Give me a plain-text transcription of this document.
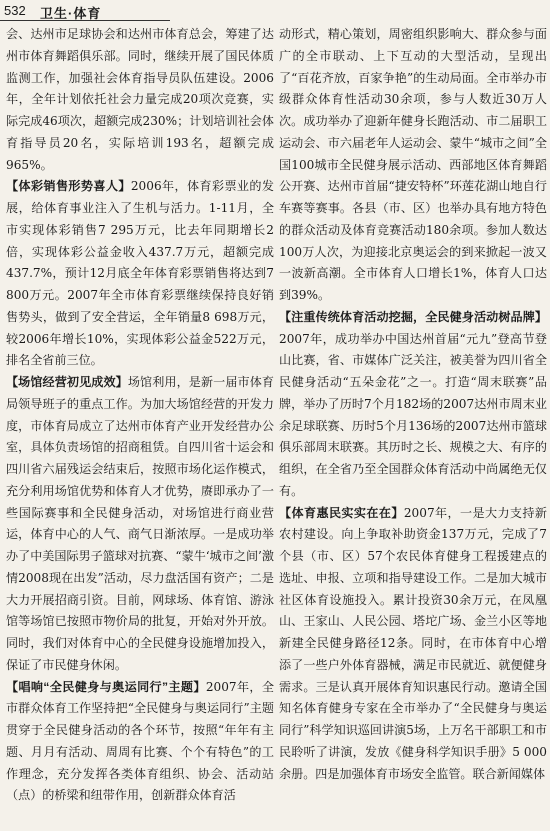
532 卫生·体育

会、达州市足球协会和达州市体育总会，筹建了达州市体育舞蹈俱乐部。同时，继续开展了国民体质监测工作，加强社会体育指导员队伍建设。2006年，全年计划依托社会力量完成20项次竞赛，实际完成46项次，超额完成230%；计划培训社会体育指导员20名，实际培训193名，超额完成965%。

【体彩销售形势喜人】2006年，体育彩票业的发展，给体育事业注入了生机与活力。1-11月，全市实现体彩销售7 295万元，比去年同期增长2倍，实现体彩公益金收入437.7万元，超额完成437.7%，预计12月底全年体育彩票销售将达到7 800万元。2007年全市体育彩票继续保持良好销售势头，做到了安全营运，全年销量8 698万元，较2006年增长10%，实现体彩公益金522万元，排名全省前三位。

【场馆经营初见成效】场馆利用，是新一届市体育局领导班子的重点工作。为加大场馆经营的开发力度，市体育局成立了达州市体育产业开发经营办公室，具体负责场馆的招商租赁。自四川省十运会和四川省六届残运会结束后，按照市场化运作模式，充分利用场馆优势和体育人才优势，赓即承办了一些国际赛事和全民健身活动，对场馆进行商业营运，体育中心的人气、商气日渐浓厚。一是成功举办了中美国际男子篮球对抗赛、“蒙牛‘城市之间’激情2008现在出发”活动，尽力盘活国有资产；二是大力开展招商引资。目前，网球场、体育馆、游泳馆等场馆已按照市物价局的批复，开始对外开放。同时，我们对体育中心的全民健身设施增加投入，保证了市民健身休闲。

【唱响“全民健身与奥运同行”主题】2007年，全市群众体育工作坚持把“全民健身与奥运同行”主题贯穿于全民健身活动的各个环节，按照“年年有主题、月月有活动、周周有比赛、个个有特色”的工作理念，充分发挥各类体育组织、协会、活动站（点）的桥梁和纽带作用，创新群众体育活

动形式，精心策划，周密组织影响大、群众参与面广的全市联动、上下互动的大型活动，呈现出了“百花齐放，百家争艳”的生动局面。全市举办市级群众体育性活动30余项，参与人数近30万人次。成功举办了迎新年健身长跑活动、市二届职工运动会、市六届老年人运动会、蒙牛“城市之间”全国100城市全民健身展示活动、西部地区体育舞蹈公开赛、达州市首届“捷安特杯”环莲花湖山地自行车赛等赛事。各县（市、区）也举办具有地方特色的群众活动及体育竞赛活动180余项。参加人数达100万人次，为迎接北京奥运会的到来掀起一波又一波新高潮。全市体育人口增长1%，体育人口达到39%。

【注重传统体育活动挖掘，全民健身活动树品牌】2007年，成功举办中国达州首届“元九”登高节登山比赛，省、市媒体广泛关注，被美誉为四川省全民健身活动“五朵金花”之一。打造“周末联赛”品牌，举办了历时7个月182场的2007达州市周末业余足球联赛、历时5个月136场的2007达州市篮球俱乐部周末联赛。其历时之长、规模之大、有序的组织，在全省乃至全国群众体育活动中尚属绝无仅有。

【体育惠民实实在在】2007年，一是大力支持新农村建设。向上争取补助资金137万元，完成了7个县（市、区）57个农民体育健身工程援建点的选址、申报、立项和指导建设工作。二是加大城市社区体育设施投入。累计投资30余万元，在凤凰山、王家山、人民公园、塔坨广场、金兰小区等地新建全民健身路径12条。同时，在市体育中心增添了一些户外体育器械，满足市民就近、就便健身需求。三是认真开展体育知识惠民行动。邀请全国知名体育健身专家在全市举办了“全民健身与奥运同行”科学知识巡回讲演5场，上万名干部职工和市民聆听了讲演，发放《健身科学知识手册》5 000余册。四是加强体育市场安全监管。联合新闻媒体
